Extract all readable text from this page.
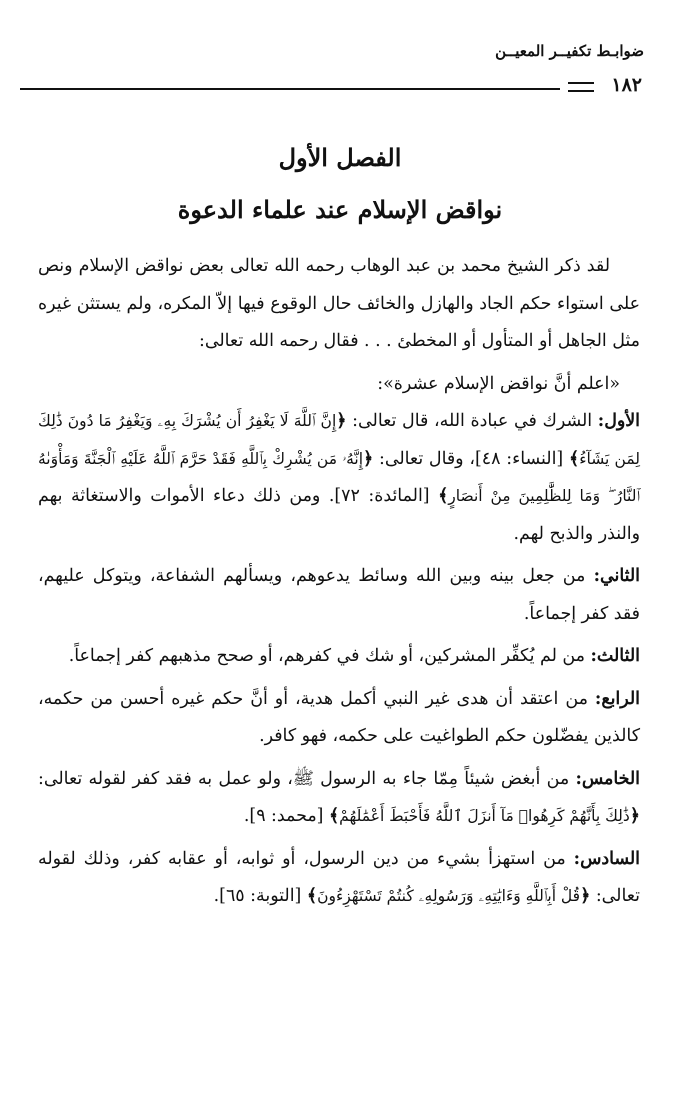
ضوابـط تكفيــر المعيــن
١٨٢
الفصل الأول
نواقض الإسلام عند علماء الدعوة

لقد ذكر الشيخ محمد بن عبد الوهاب رحمه الله تعالى بعض نواقض الإسلام ونص على استواء حكم الجاد والهازل والخائف حال الوقوع فيها إلاّ المكره، ولم يستثن غيره مثل الجاهل أو المتأول أو المخطئ . . . فقال رحمه الله تعالى:

«اعلم أنَّ نواقض الإسلام عشرة»:

الأول: الشرك في عبادة الله، قال تعالى: ﴿إِنَّ ٱللَّهَ لَا يَغْفِرُ أَن يُشْرَكَ بِهِۦ وَيَغْفِرُ مَا دُونَ ذَٰلِكَ لِمَن يَشَآءُ﴾ [النساء: ٤٨]، وقال تعالى: ﴿إِنَّهُۥ مَن يُشْرِكْ بِٱللَّهِ فَقَدْ حَرَّمَ ٱللَّهُ عَلَيْهِ ٱلْجَنَّةَ وَمَأْوَىٰهُ ٱلنَّارُ ۖ وَمَا لِلظَّٰلِمِينَ مِنْ أَنصَارٍ﴾ [المائدة: ٧٢]. ومن ذلك دعاء الأموات والاستغاثة بهم والنذر والذبح لهم.

الثاني: من جعل بينه وبين الله وسائط يدعوهم، ويسألهم الشفاعة، ويتوكل عليهم، فقد كفر إجماعاً.

الثالث: من لم يُكفِّر المشركين، أو شك في كفرهم، أو صحح مذهبهم كفر إجماعاً.

الرابع: من اعتقد أن هدى غير النبي أكمل هدية، أو أنَّ حكم غيره أحسن من حكمه، كالذين يفضّلون حكم الطواغيت على حكمه، فهو كافر.

الخامس: من أبغض شيئاً مِمّا جاء به الرسول ﷺ، ولو عمل به فقد كفر لقوله تعالى: ﴿ذَٰلِكَ بِأَنَّهُمْ كَرِهُوا۟ مَآ أَنزَلَ ٱللَّهُ فَأَحْبَطَ أَعْمَٰلَهُمْ﴾ [محمد: ٩].

السادس: من استهزأ بشيء من دين الرسول، أو ثوابه، أو عقابه كفر، وذلك لقوله تعالى: ﴿قُلْ أَبِٱللَّهِ وَءَايَٰتِهِۦ وَرَسُولِهِۦ كُنتُمْ تَسْتَهْزِءُونَ﴾ [التوبة: ٦٥].
